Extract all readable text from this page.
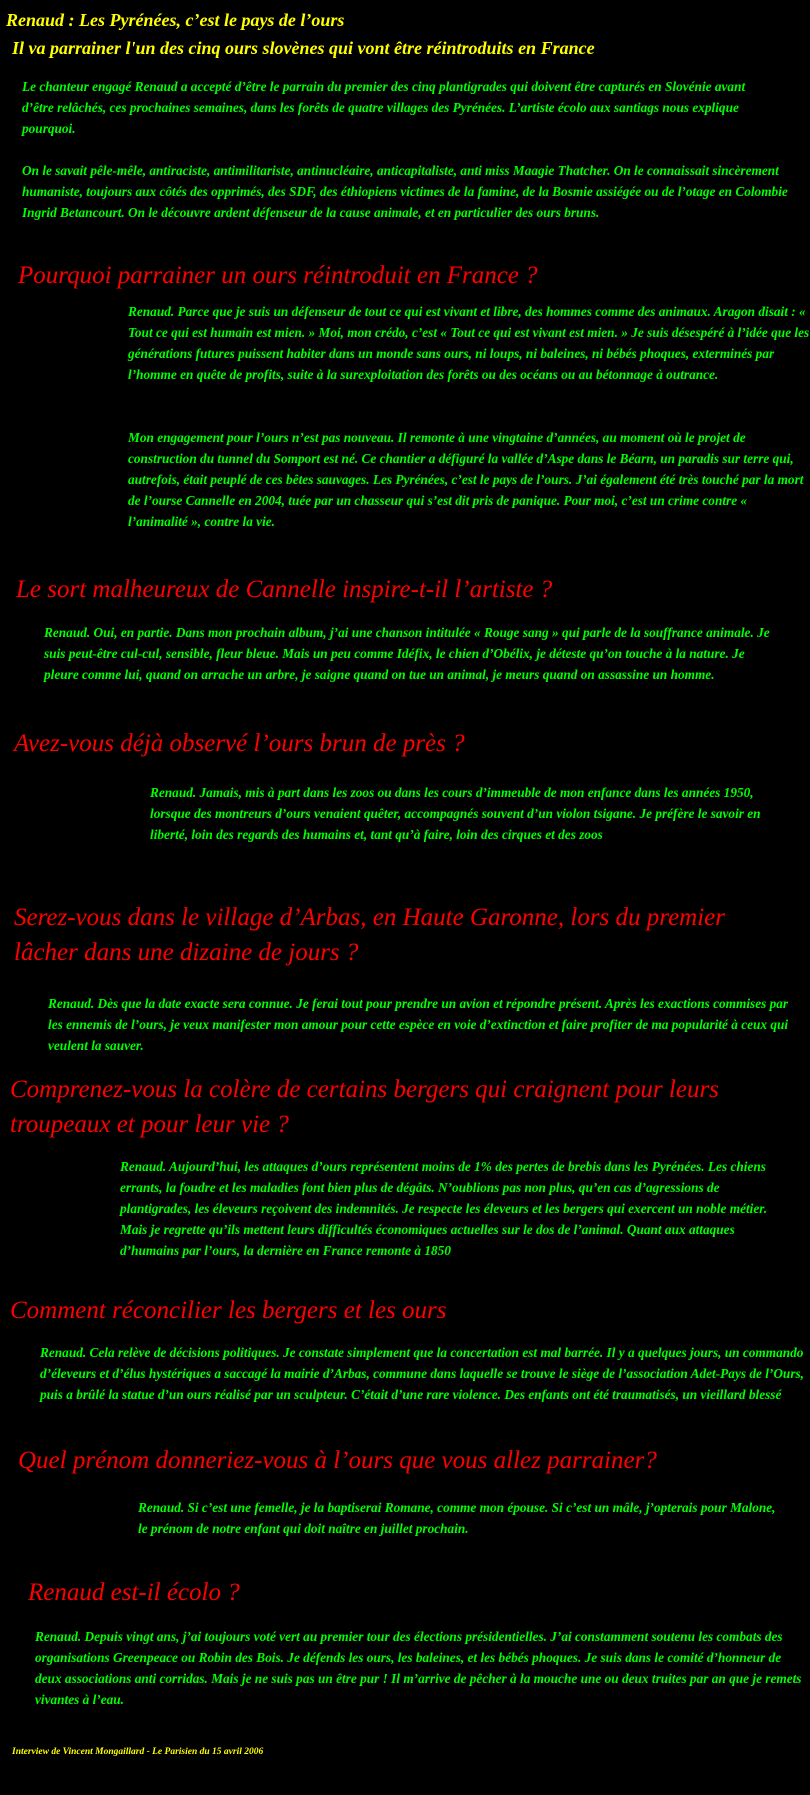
Renaud : Les Pyrénées, c’est le pays de l’ours
Il va parrainer l'un des cinq ours slovènes qui vont être réintroduits en France
Le chanteur engagé Renaud a accepté d’être le parrain du premier des cinq plantigrades qui doivent être capturés en Slovénie avant d’être relâchés, ces prochaines semaines, dans les forêts de quatre villages des Pyrénées. L’artiste écolo aux santiags nous explique pourquoi.
On le savait pêle-mêle, antiraciste, antimilitariste, antinucléaire, anticapitaliste, anti miss Maagie Thatcher. On le connaissait sincèrement humaniste, toujours aux côtés des opprimés, des SDF, des éthiopiens victimes de la famine, de la Bosmie assiégée ou de l’otage en Colombie Ingrid Betancourt. On le découvre ardent défenseur de la cause animale, et en particulier des ours bruns.
Pourquoi parrainer un ours réintroduit en France ?
Renaud. Parce que je suis un défenseur de tout ce qui est vivant et libre, des hommes comme des animaux. Aragon disait : « Tout ce qui est humain est mien. » Moi, mon crédo, c’est « Tout ce qui est vivant est mien. » Je suis désespéré à l’idée que les générations futures puissent habiter dans un monde sans ours, ni loups, ni baleines, ni bébés phoques, exterminés par l’homme en quête de profits, suite à la surexploitation des forêts ou des océans ou au bétonnage à outrance.
Mon engagement pour l’ours n’est pas nouveau. Il remonte à une vingtaine d’années, au moment où le projet de construction du tunnel du Somport est né. Ce chantier a défiguré la vallée d’Aspe dans le Béarn, un paradis sur terre qui, autrefois, était peuplé de ces bêtes sauvages. Les Pyrénées, c’est le pays de l’ours. J’ai également été très touché par la mort de l’ourse Cannelle en 2004, tuée par un chasseur qui s’est dit pris de panique. Pour moi, c’est un crime contre « l’animalité », contre la vie.
Le sort malheureux de Cannelle inspire-t-il l’artiste ?
Renaud. Oui, en partie. Dans mon prochain album, j’ai une chanson intitulée « Rouge sang » qui parle de la souffrance animale. Je suis peut-être cul-cul, sensible, fleur bleue. Mais un peu comme Idéfix, le chien d’Obélix, je déteste qu’on touche à la nature. Je pleure comme lui, quand on arrache un arbre, je saigne quand on tue un animal, je meurs quand on assassine un homme.
Avez-vous déjà observé l’ours brun de près ?
Renaud. Jamais, mis à part dans les zoos ou dans les cours d’immeuble de mon enfance dans les années 1950, lorsque des montreurs d’ours venaient quêter, accompagnés souvent d’un violon tsigane. Je préfère le savoir en liberté, loin des regards des humains et, tant qu’à faire, loin des cirques et des zoos
Serez-vous dans le village d’Arbas, en Haute Garonne, lors du premier lâcher dans une dizaine de jours ?
Renaud. Dès que la date exacte sera connue. Je ferai tout pour prendre un avion et répondre présent. Après les exactions commises par les ennemis de l’ours, je veux manifester mon amour pour cette espèce en voie d’extinction et faire profiter de ma popularité à ceux qui veulent la sauver.
Comprenez-vous la colère de certains bergers qui craignent pour leurs troupeaux et pour leur vie ?
Renaud. Aujourd’hui, les attaques d’ours représentent moins de 1% des pertes de brebis dans les Pyrénées. Les chiens errants, la foudre et les maladies font bien plus de dégâts. N’oublions pas non plus, qu’en cas d’agressions de plantigrades, les éleveurs reçoivent des indemnités. Je respecte les éleveurs et les bergers qui exercent un noble métier. Mais je regrette qu’ils mettent leurs difficultés économiques actuelles sur le dos de l’animal. Quant aux attaques d’humains par l’ours, la dernière en France remonte à 1850
Comment réconcilier les bergers et les ours
Renaud. Cela relève de décisions politiques. Je constate simplement que la concertation est mal barrée. Il y a quelques jours, un commando d’éleveurs et d’élus hystériques a saccagé la mairie d’Arbas, commune dans laquelle se trouve le siège de l’association Adet-Pays de l’Ours, puis a brûlé la statue d’un ours réalisé par un sculpteur. C’était d’une rare violence. Des enfants ont été traumatisés, un vieillard blessé
Quel prénom donneriez-vous à l’ours que vous allez parrainer?
Renaud. Si c’est une femelle, je la baptiserai Romane, comme mon épouse. Si c’est un mâle, j’opterais pour Malone, le prénom de notre enfant qui doit naître en juillet prochain.
Renaud est-il écolo ?
Renaud. Depuis vingt ans, j’ai toujours voté vert au premier tour des élections présidentielles. J’ai constamment soutenu les combats des organisations Greenpeace ou Robin des Bois. Je défends les ours, les baleines, et les bébés phoques. Je suis dans le comité d’honneur de deux associations anti corridas. Mais je ne suis pas un être pur ! Il m’arrive de pêcher à la mouche une ou deux truites par an que je remets vivantes à l’eau.
Interview de Vincent Mongaillard - Le Parisien du 15 avril 2006
